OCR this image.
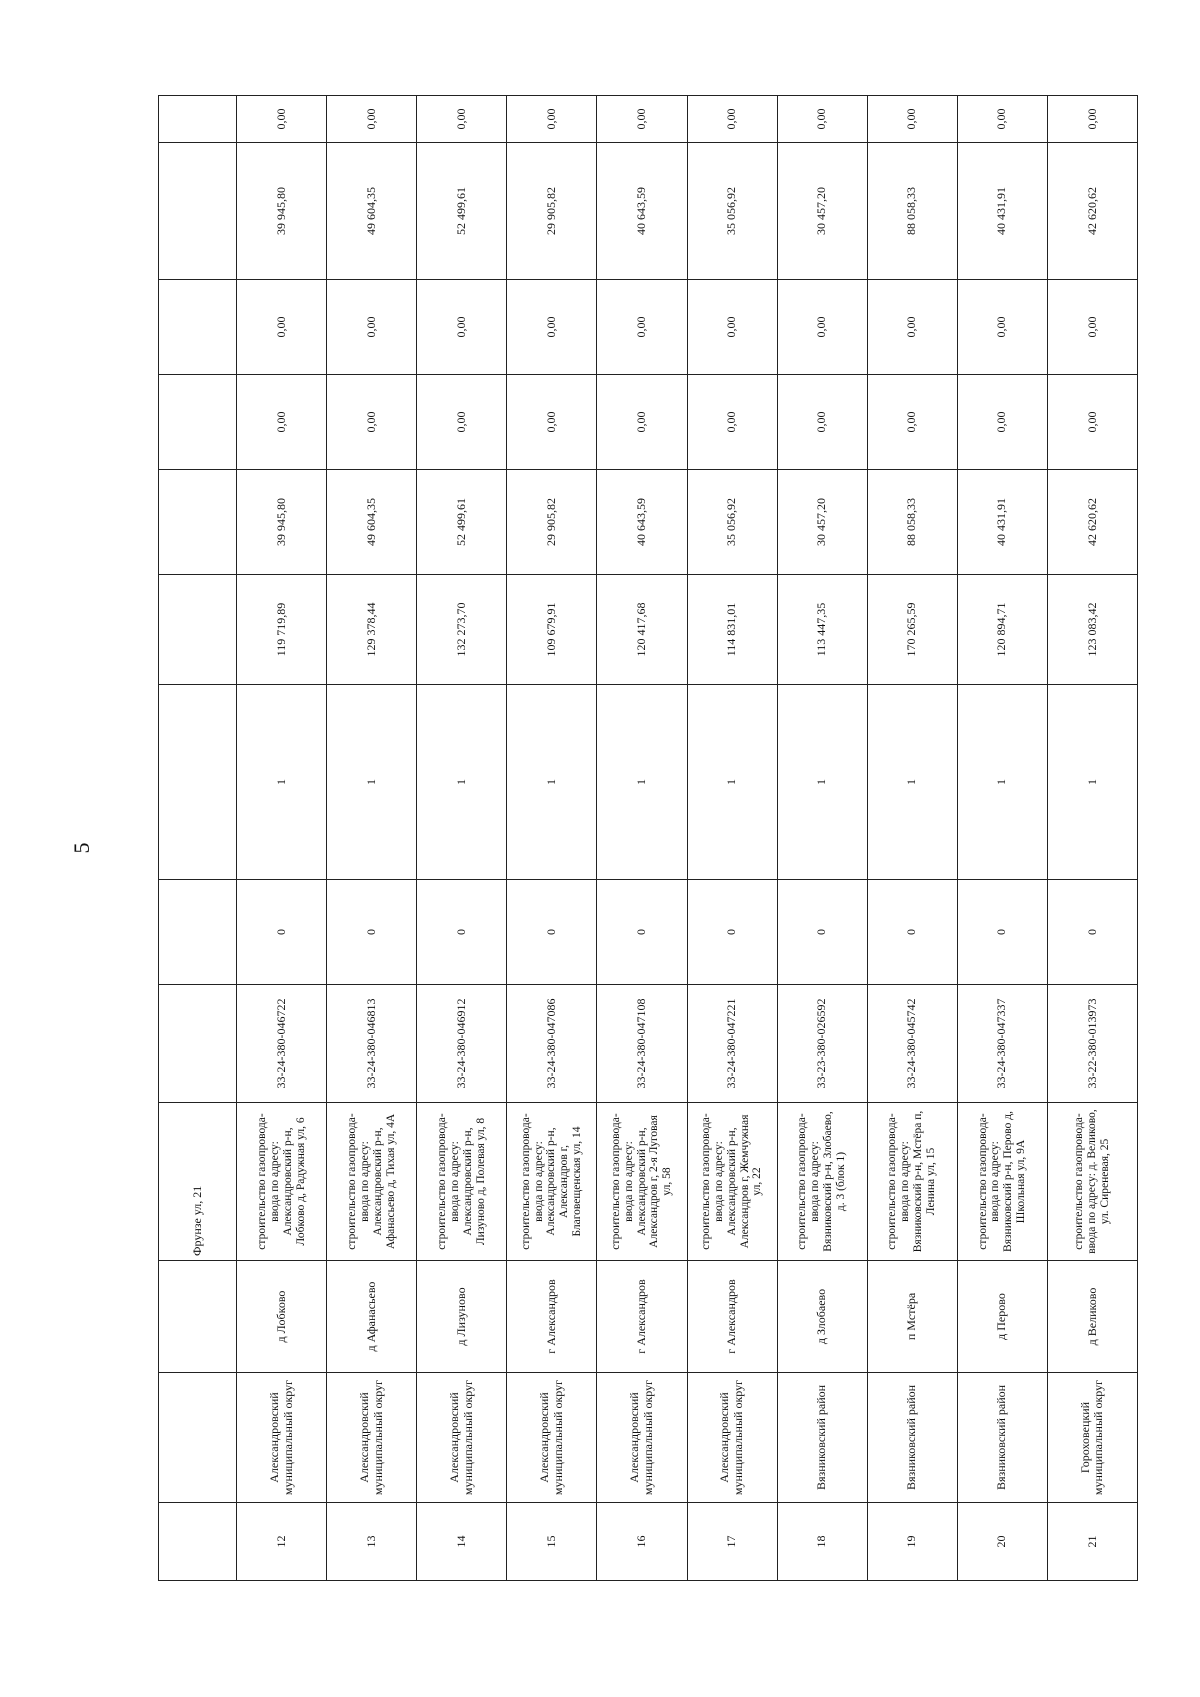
5
			Фрунзе ул, 21									
12	Александровский муниципальный округ	д Лобково	строительство газопровода-ввода по адресу: Александровский р-н, Лобково д, Радужная ул, 6	33-24-380-046722	0	1	119 719,89	39 945,80	0,00	0,00	39 945,80	0,00
13	Александровский муниципальный округ	д Афанасьево	строительство газопровода-ввода по адресу: Александровский р-н, Афанасьево д, Тихая ул, 4А	33-24-380-046813	0	1	129 378,44	49 604,35	0,00	0,00	49 604,35	0,00
14	Александровский муниципальный округ	д Лизуново	строительство газопровода-ввода по адресу: Александровский р-н, Лизуново д, Полевая ул, 8	33-24-380-046912	0	1	132 273,70	52 499,61	0,00	0,00	52 499,61	0,00
15	Александровский муниципальный округ	г Александров	строительство газопровода-ввода по адресу: Александровский р-н, Александров г, Благовещенская ул, 14	33-24-380-047086	0	1	109 679,91	29 905,82	0,00	0,00	29 905,82	0,00
16	Александровский муниципальный округ	г Александров	строительство газопровода-ввода по адресу: Александровский р-н, Александров г, 2-я Луговая ул, 58	33-24-380-047108	0	1	120 417,68	40 643,59	0,00	0,00	40 643,59	0,00
17	Александровский муниципальный округ	г Александров	строительство газопровода-ввода по адресу: Александровский р-н, Александров г, Жемчужная ул, 22	33-24-380-047221	0	1	114 831,01	35 056,92	0,00	0,00	35 056,92	0,00
18	Вязниковский район	д Злобаево	строительство газопровода-ввода по адресу: Вязниковский р-н, Злобаево, д. 3 (блок 1)	33-23-380-026592	0	1	113 447,35	30 457,20	0,00	0,00	30 457,20	0,00
19	Вязниковский район	п Мстёра	строительство газопровода-ввода по адресу: Вязниковский р-н, Мстёра п, Ленина ул, 15	33-24-380-045742	0	1	170 265,59	88 058,33	0,00	0,00	88 058,33	0,00
20	Вязниковский район	д Перово	строительство газопровода-ввода по адресу: Вязниковский р-н, Перово д, Школьная ул, 9А	33-24-380-047337	0	1	120 894,71	40 431,91	0,00	0,00	40 431,91	0,00
21	Гороховецкий муниципальный округ	д Великово	строительство газопровода-ввода по адресу: д. Великово, ул. Сиреневая, 25	33-22-380-013973	0	1	123 083,42	42 620,62	0,00	0,00	42 620,62	0,00
